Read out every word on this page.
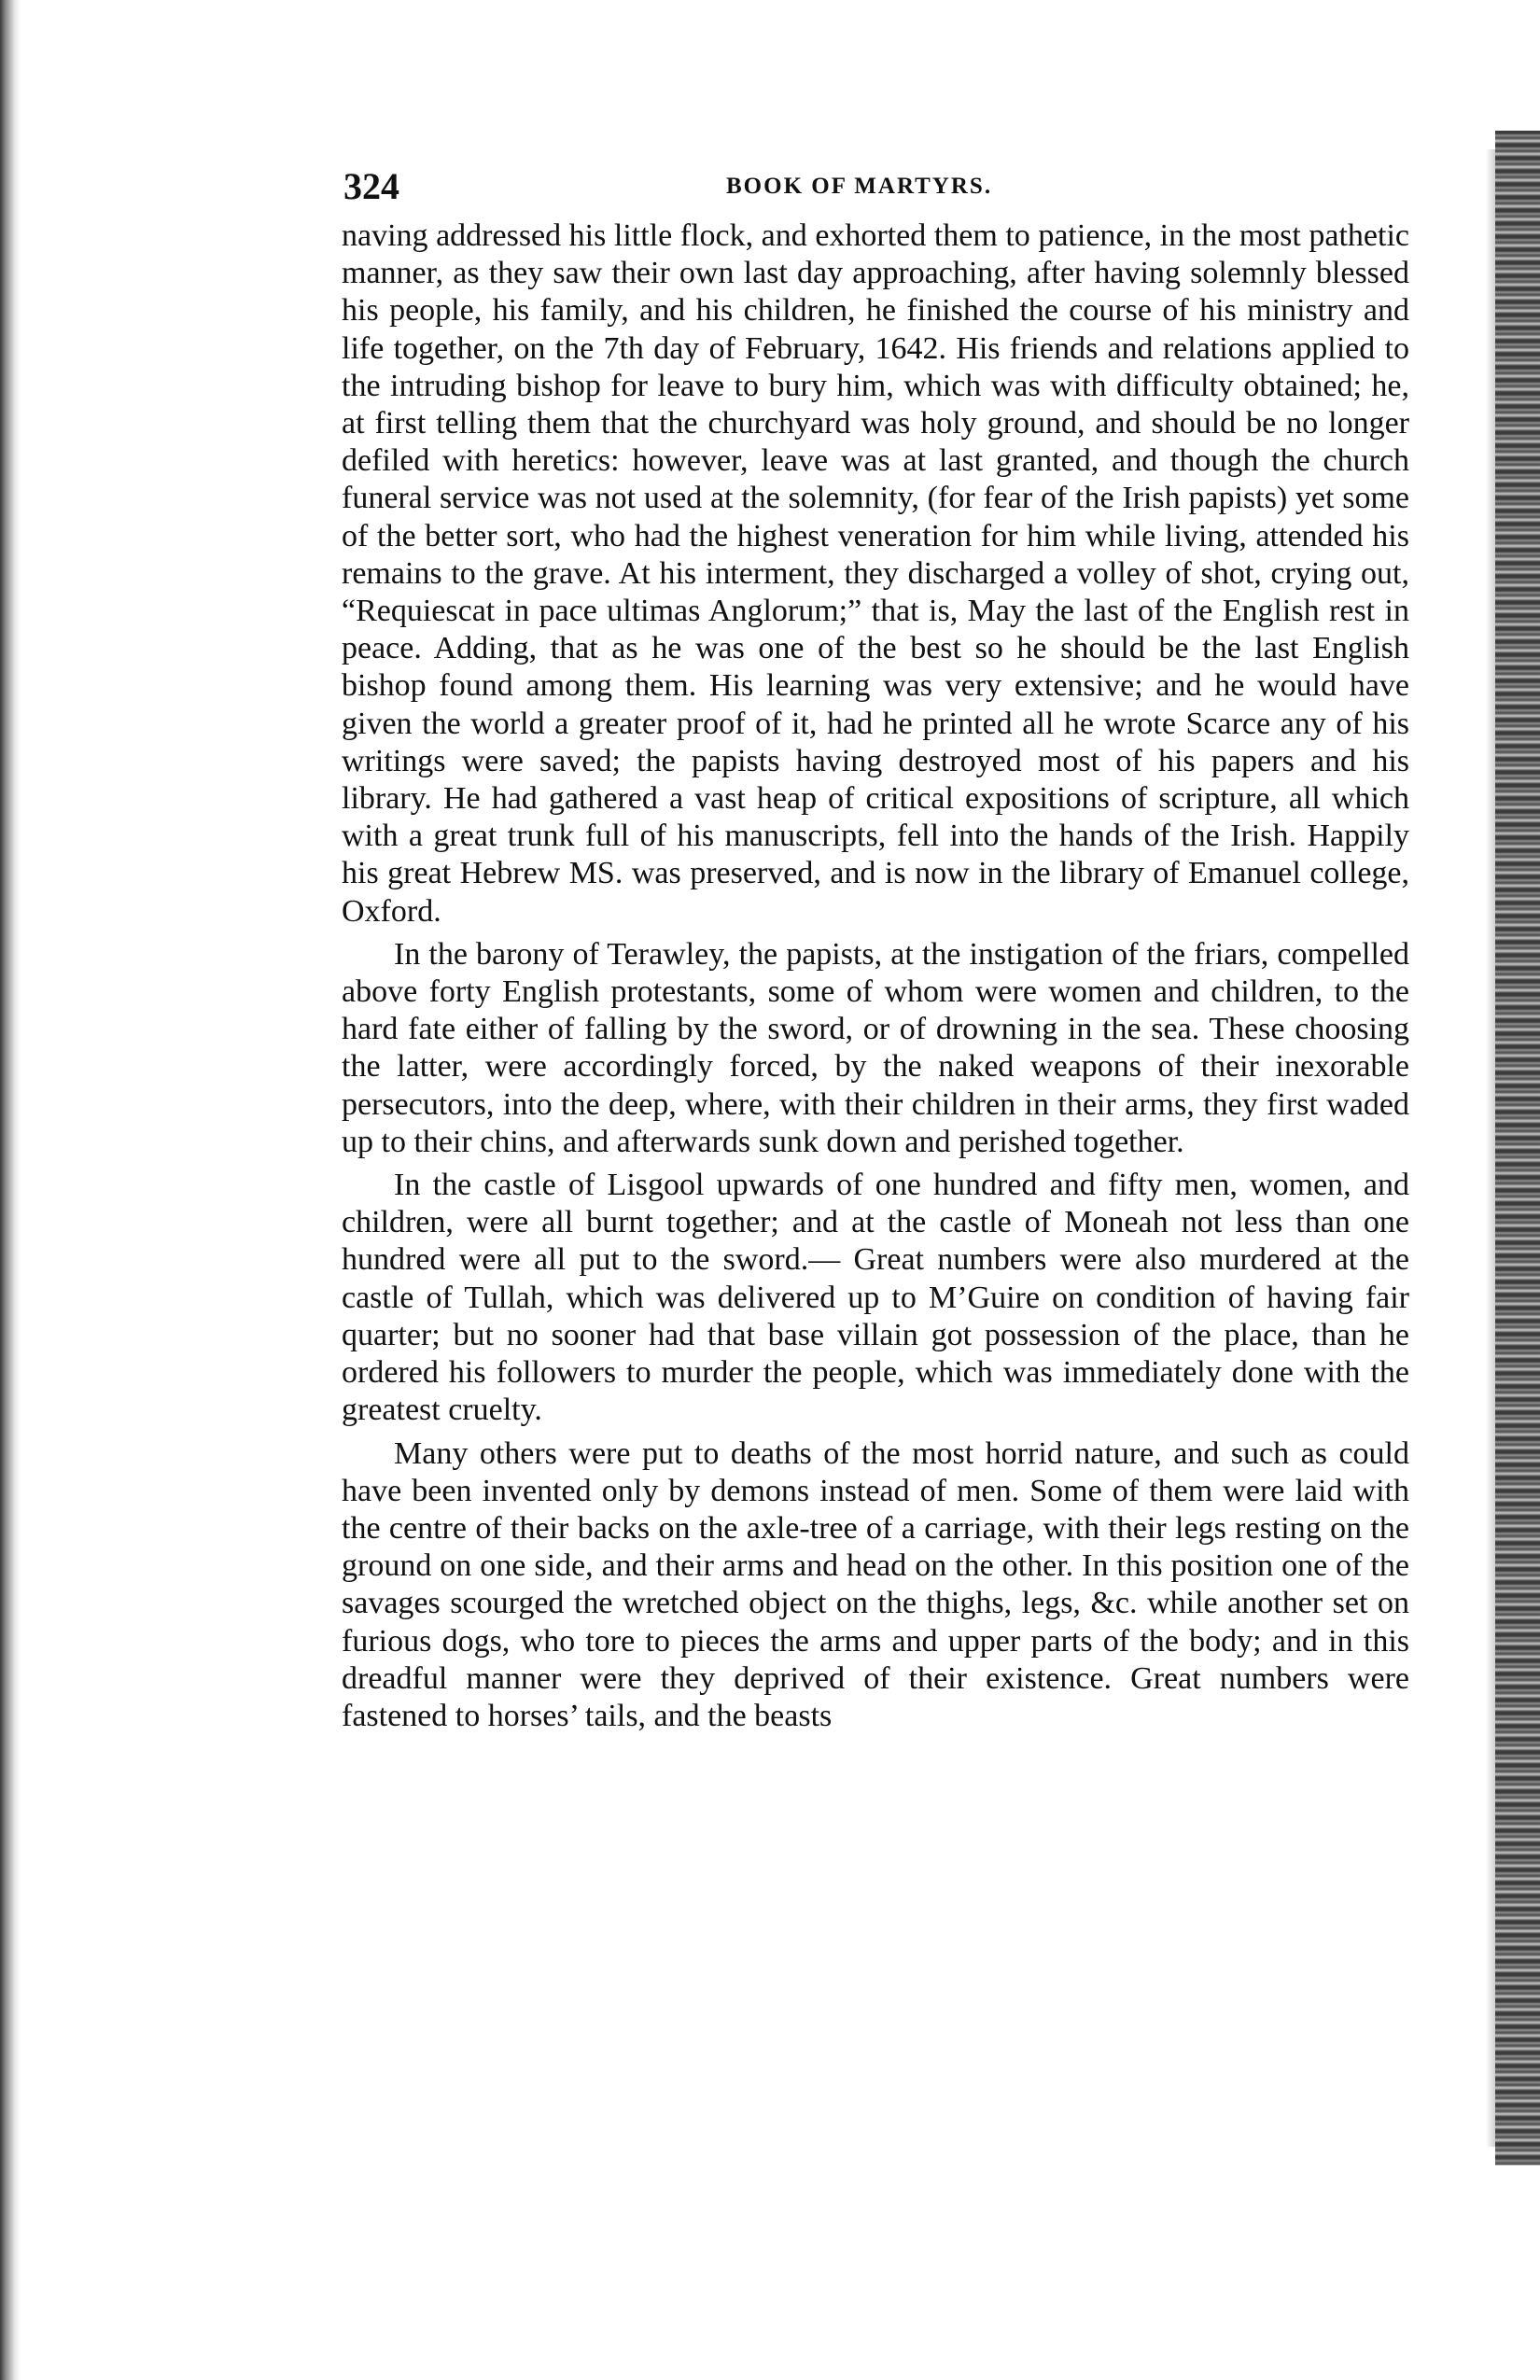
324	BOOK OF MARTYRS.

naving addressed his little flock, and exhorted them to patience, in the most pathetic manner, as they saw their own last day approaching, after having solemnly blessed his people, his family, and his children, he finished the course of his ministry and life together, on the 7th day of February, 1642. His friends and relations applied to the intruding bishop for leave to bury him, which was with difficulty obtained; he, at first telling them that the churchyard was holy ground, and should be no longer defiled with heretics: however, leave was at last granted, and though the church funeral service was not used at the solemnity, (for fear of the Irish papists) yet some of the better sort, who had the highest veneration for him while living, attended his remains to the grave. At his interment, they discharged a volley of shot, crying out, “Requiescat in pace ultimas Anglorum;” that is, May the last of the English rest in peace. Adding, that as he was one of the best so he should be the last English bishop found among them. His learning was very extensive; and he would have given the world a greater proof of it, had he printed all he wrote Scarce any of his writings were saved; the papists having destroyed most of his papers and his library. He had gathered a vast heap of critical expositions of scripture, all which with a great trunk full of his manuscripts, fell into the hands of the Irish. Happily his great Hebrew MS. was preserved, and is now in the library of Emanuel college, Oxford.

In the barony of Terawley, the papists, at the instigation of the friars, compelled above forty English protestants, some of whom were women and children, to the hard fate either of falling by the sword, or of drowning in the sea. These choosing the latter, were accordingly forced, by the naked weapons of their inexorable persecutors, into the deep, where, with their children in their arms, they first waded up to their chins, and afterwards sunk down and perished together.

In the castle of Lisgool upwards of one hundred and fifty men, women, and children, were all burnt together; and at the castle of Moneah not less than one hundred were all put to the sword.— Great numbers were also murdered at the castle of Tullah, which was delivered up to M’Guire on condition of having fair quarter; but no sooner had that base villain got possession of the place, than he ordered his followers to murder the people, which was immediately done with the greatest cruelty.

Many others were put to deaths of the most horrid nature, and such as could have been invented only by demons instead of men. Some of them were laid with the centre of their backs on the axle-tree of a carriage, with their legs resting on the ground on one side, and their arms and head on the other. In this position one of the savages scourged the wretched object on the thighs, legs, &c. while another set on furious dogs, who tore to pieces the arms and upper parts of the body; and in this dreadful manner were they deprived of their existence. Great numbers were fastened to horses’ tails, and the beasts
